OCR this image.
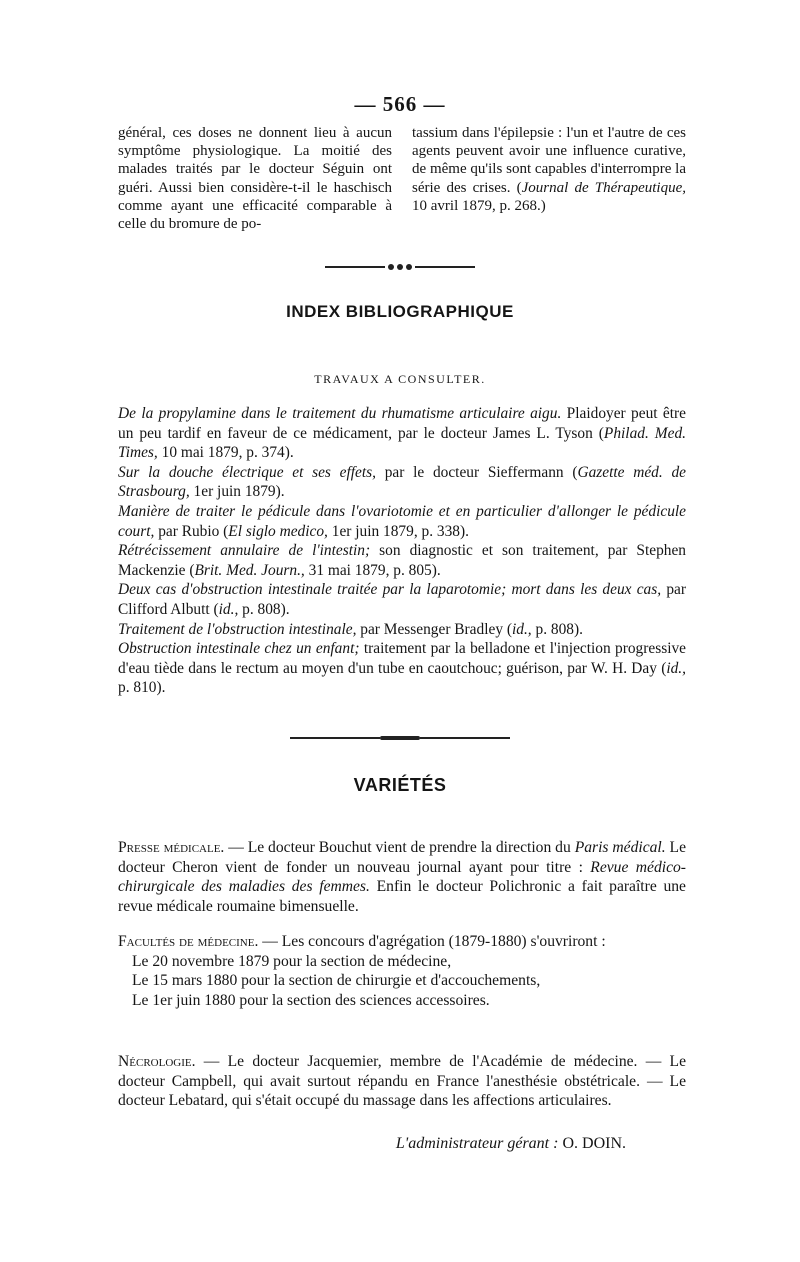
— 566 —

général, ces doses ne donnent lieu à aucun symptôme physiologique. La moitié des malades traités par le docteur Séguin ont guéri. Aussi bien considère-t-il le haschisch comme ayant une efficacité comparable à celle du bromure de po-

tassium dans l'épilepsie : l'un et l'autre de ces agents peuvent avoir une influence curative, de même qu'ils sont capables d'interrompre la série des crises. (Journal de Thérapeutique, 10 avril 1879, p. 268.)

INDEX BIBLIOGRAPHIQUE
TRAVAUX A CONSULTER.

De la propylamine dans le traitement du rhumatisme articulaire aigu. Plaidoyer peut être un peu tardif en faveur de ce médicament, par le docteur James L. Tyson (Philad. Med. Times, 10 mai 1879, p. 374).

Sur la douche électrique et ses effets, par le docteur Sieffermann (Gazette méd. de Strasbourg, 1er juin 1879).

Manière de traiter le pédicule dans l'ovariotomie et en particulier d'allonger le pédicule court, par Rubio (El siglo medico, 1er juin 1879, p. 338).

Rétrécissement annulaire de l'intestin; son diagnostic et son traitement, par Stephen Mackenzie (Brit. Med. Journ., 31 mai 1879, p. 805).

Deux cas d'obstruction intestinale traitée par la laparotomie; mort dans les deux cas, par Clifford Albutt (id., p. 808).

Traitement de l'obstruction intestinale, par Messenger Bradley (id., p. 808).

Obstruction intestinale chez un enfant; traitement par la belladone et l'injection progressive d'eau tiède dans le rectum au moyen d'un tube en caoutchouc; guérison, par W. H. Day (id., p. 810).

VARIÉTÉS

Presse médicale. — Le docteur Bouchut vient de prendre la direction du Paris médical. Le docteur Cheron vient de fonder un nouveau journal ayant pour titre : Revue médico-chirurgicale des maladies des femmes. Enfin le docteur Polichronic a fait paraître une revue médicale roumaine bimensuelle.

Facultés de médecine. — Les concours d'agrégation (1879-1880) s'ouvriront :

Le 20 novembre 1879 pour la section de médecine,

Le 15 mars 1880 pour la section de chirurgie et d'accouchements,

Le 1er juin 1880 pour la section des sciences accessoires.

Nécrologie. — Le docteur Jacquemier, membre de l'Académie de médecine. — Le docteur Campbell, qui avait surtout répandu en France l'anesthésie obstétricale. — Le docteur Lebatard, qui s'était occupé du massage dans les affections articulaires.

L'administrateur gérant : O. DOIN.
